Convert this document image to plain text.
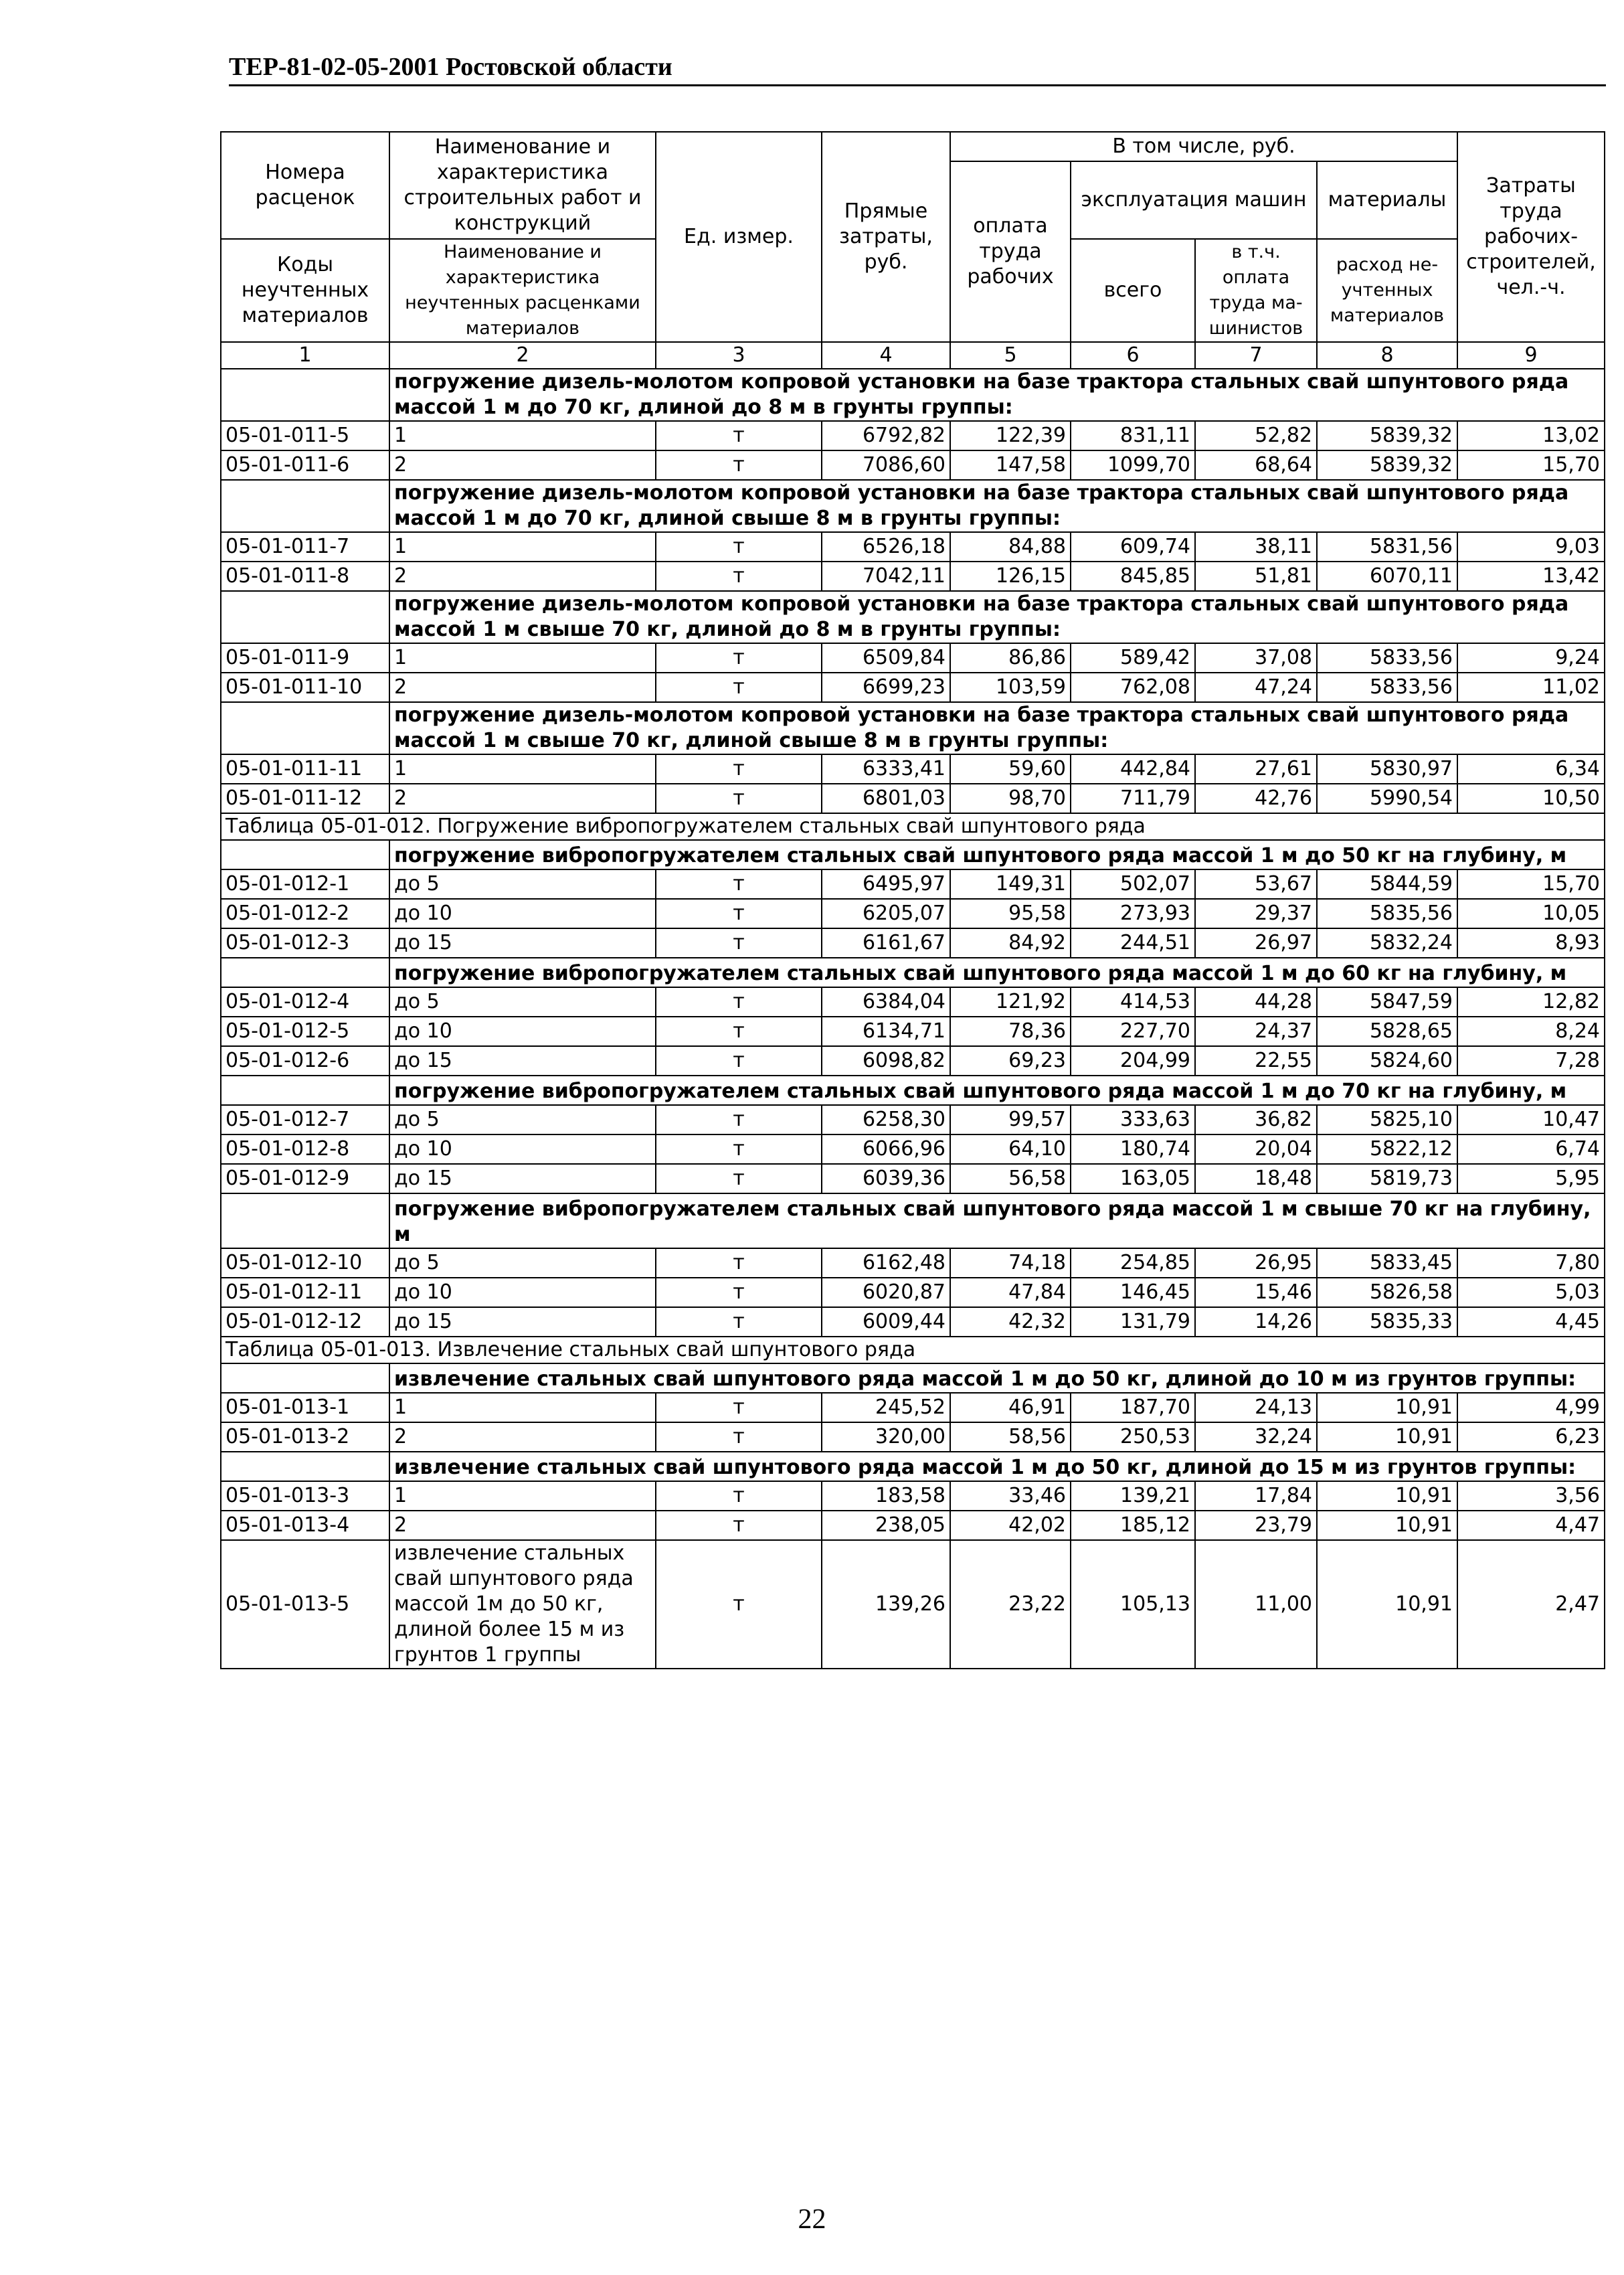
ТЕР-81-02-05-2001 Ростовской области
Номера расценок	Наименование и характеристика строительных работ и конструкций	Ед. измер.	Прямые затраты, руб.	В том числе, руб.				Затраты труда рабочих-строителей, чел.-ч.
				оплата труда рабочих	эксплуатация машин		материалы	
Коды неучтенных материалов	Наименование и характеристика неучтенных расценками материалов				всего	в т.ч. оплата труда ма-шинистов	расход не-учтенных материалов	

1	2	3	4	5	6	7	8	9
	погружение дизель-молотом копровой установки на базе трактора стальных свай шпунтового ряда массой 1 м до 70 кг, длиной до 8 м в грунты группы:							
05-01-011-5	1	т	6792,82	122,39	831,11	52,82	5839,32	13,02
05-01-011-6	2	т	7086,60	147,58	1099,70	68,64	5839,32	15,70
	погружение дизель-молотом копровой установки на базе трактора стальных свай шпунтового ряда массой 1 м до 70 кг, длиной свыше 8 м в грунты группы:							
05-01-011-7	1	т	6526,18	84,88	609,74	38,11	5831,56	9,03
05-01-011-8	2	т	7042,11	126,15	845,85	51,81	6070,11	13,42
	погружение дизель-молотом копровой установки на базе трактора стальных свай шпунтового ряда массой 1 м свыше 70 кг, длиной до 8 м в грунты группы:							
05-01-011-9	1	т	6509,84	86,86	589,42	37,08	5833,56	9,24
05-01-011-10	2	т	6699,23	103,59	762,08	47,24	5833,56	11,02
	погружение дизель-молотом копровой установки на базе трактора стальных свай шпунтового ряда массой 1 м свыше 70 кг, длиной свыше 8 м в грунты группы:							
05-01-011-11	1	т	6333,41	59,60	442,84	27,61	5830,97	6,34
05-01-011-12	2	т	6801,03	98,70	711,79	42,76	5990,54	10,50
Таблица 05-01-012. Погружение вибропогружателем стальных свай шпунтового ряда								
	погружение вибропогружателем стальных свай шпунтового ряда массой 1 м до 50 кг на глубину, м							
05-01-012-1	до 5	т	6495,97	149,31	502,07	53,67	5844,59	15,70
05-01-012-2	до 10	т	6205,07	95,58	273,93	29,37	5835,56	10,05
05-01-012-3	до 15	т	6161,67	84,92	244,51	26,97	5832,24	8,93
	погружение вибропогружателем стальных свай шпунтового ряда массой 1 м до 60 кг на глубину, м							
05-01-012-4	до 5	т	6384,04	121,92	414,53	44,28	5847,59	12,82
05-01-012-5	до 10	т	6134,71	78,36	227,70	24,37	5828,65	8,24
05-01-012-6	до 15	т	6098,82	69,23	204,99	22,55	5824,60	7,28
	погружение вибропогружателем стальных свай шпунтового ряда массой 1 м до 70 кг на глубину, м							
05-01-012-7	до 5	т	6258,30	99,57	333,63	36,82	5825,10	10,47
05-01-012-8	до 10	т	6066,96	64,10	180,74	20,04	5822,12	6,74
05-01-012-9	до 15	т	6039,36	56,58	163,05	18,48	5819,73	5,95
	погружение вибропогружателем стальных свай шпунтового ряда массой 1 м свыше 70 кг на глубину, м							
05-01-012-10	до 5	т	6162,48	74,18	254,85	26,95	5833,45	7,80
05-01-012-11	до 10	т	6020,87	47,84	146,45	15,46	5826,58	5,03
05-01-012-12	до 15	т	6009,44	42,32	131,79	14,26	5835,33	4,45
Таблица 05-01-013. Извлечение стальных свай шпунтового ряда								
	извлечение стальных свай шпунтового ряда массой 1 м до 50 кг, длиной до 10 м из грунтов группы:							
05-01-013-1	1	т	245,52	46,91	187,70	24,13	10,91	4,99
05-01-013-2	2	т	320,00	58,56	250,53	32,24	10,91	6,23
	извлечение стальных свай шпунтового ряда массой 1 м до 50 кг, длиной до 15 м из грунтов группы:							
05-01-013-3	1	т	183,58	33,46	139,21	17,84	10,91	3,56
05-01-013-4	2	т	238,05	42,02	185,12	23,79	10,91	4,47
05-01-013-5	извлечение стальных свай шпунтового ряда массой 1м до 50 кг, длиной более 15 м из грунтов 1 группы	т	139,26	23,22	105,13	11,00	10,91	2,47
22
